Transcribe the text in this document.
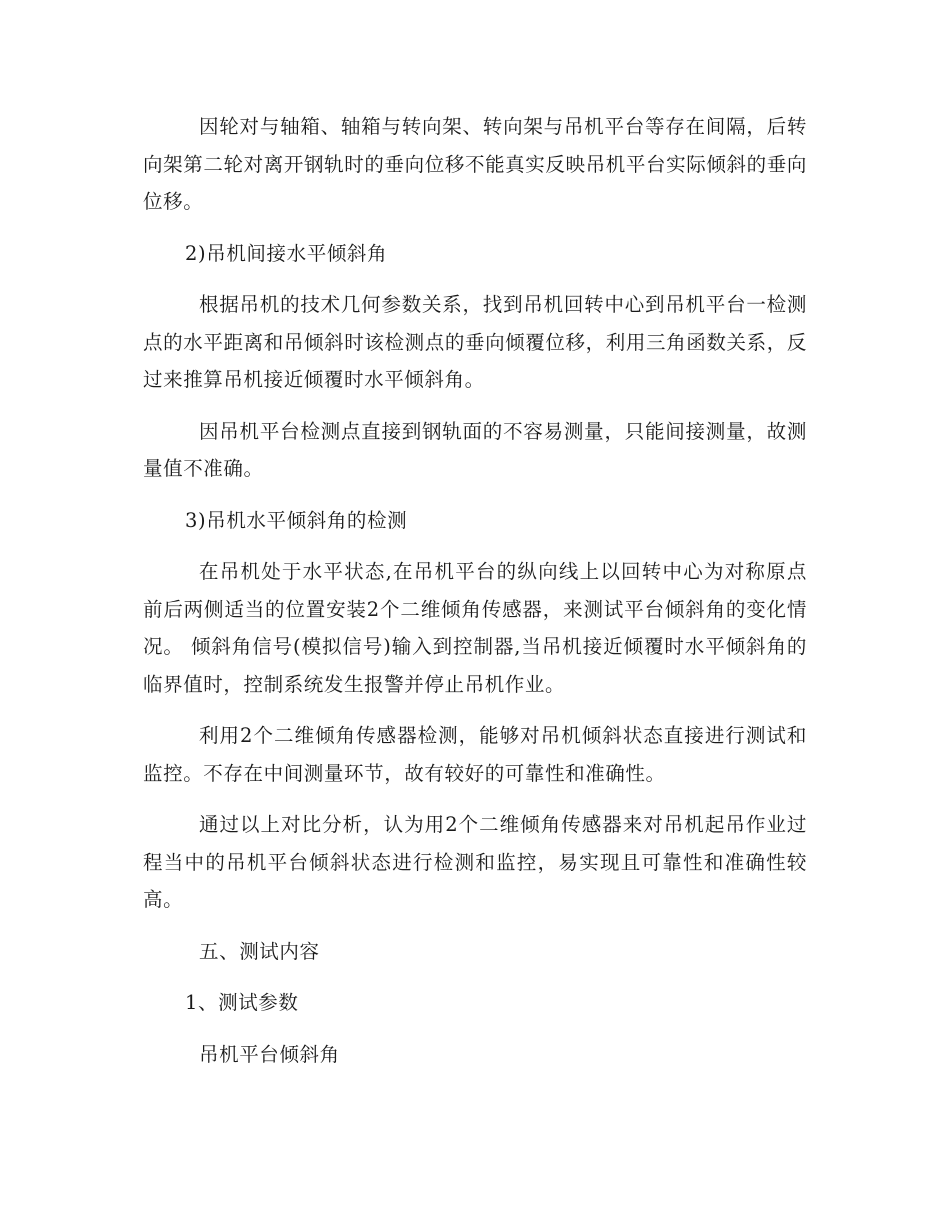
因轮对与轴箱、轴箱与转向架、转向架与吊机平台等存在间隔，后转向架第二轮对离开钢轨时的垂向位移不能真实反映吊机平台实际倾斜的垂向位移。

2)吊机间接水平倾斜角

根据吊机的技术几何参数关系，找到吊机回转中心到吊机平台一检测点的水平距离和吊倾斜时该检测点的垂向倾覆位移，利用三角函数关系，反过来推算吊机接近倾覆时水平倾斜角。

因吊机平台检测点直接到钢轨面的不容易测量，只能间接测量，故测量值不准确。

3)吊机水平倾斜角的检测

在吊机处于水平状态,在吊机平台的纵向线上以回转中心为对称原点前后两侧适当的位置安装2个二维倾角传感器，来测试平台倾斜角的变化情况。 倾斜角信号(模拟信号)输入到控制器,当吊机接近倾覆时水平倾斜角的临界值时，控制系统发生报警并停止吊机作业。

利用2个二维倾角传感器检测，能够对吊机倾斜状态直接进行测试和监控。不存在中间测量环节，故有较好的可靠性和准确性。

通过以上对比分析，认为用2个二维倾角传感器来对吊机起吊作业过程当中的吊机平台倾斜状态进行检测和监控，易实现且可靠性和准确性较高。

五、测试内容

1、测试参数

吊机平台倾斜角
